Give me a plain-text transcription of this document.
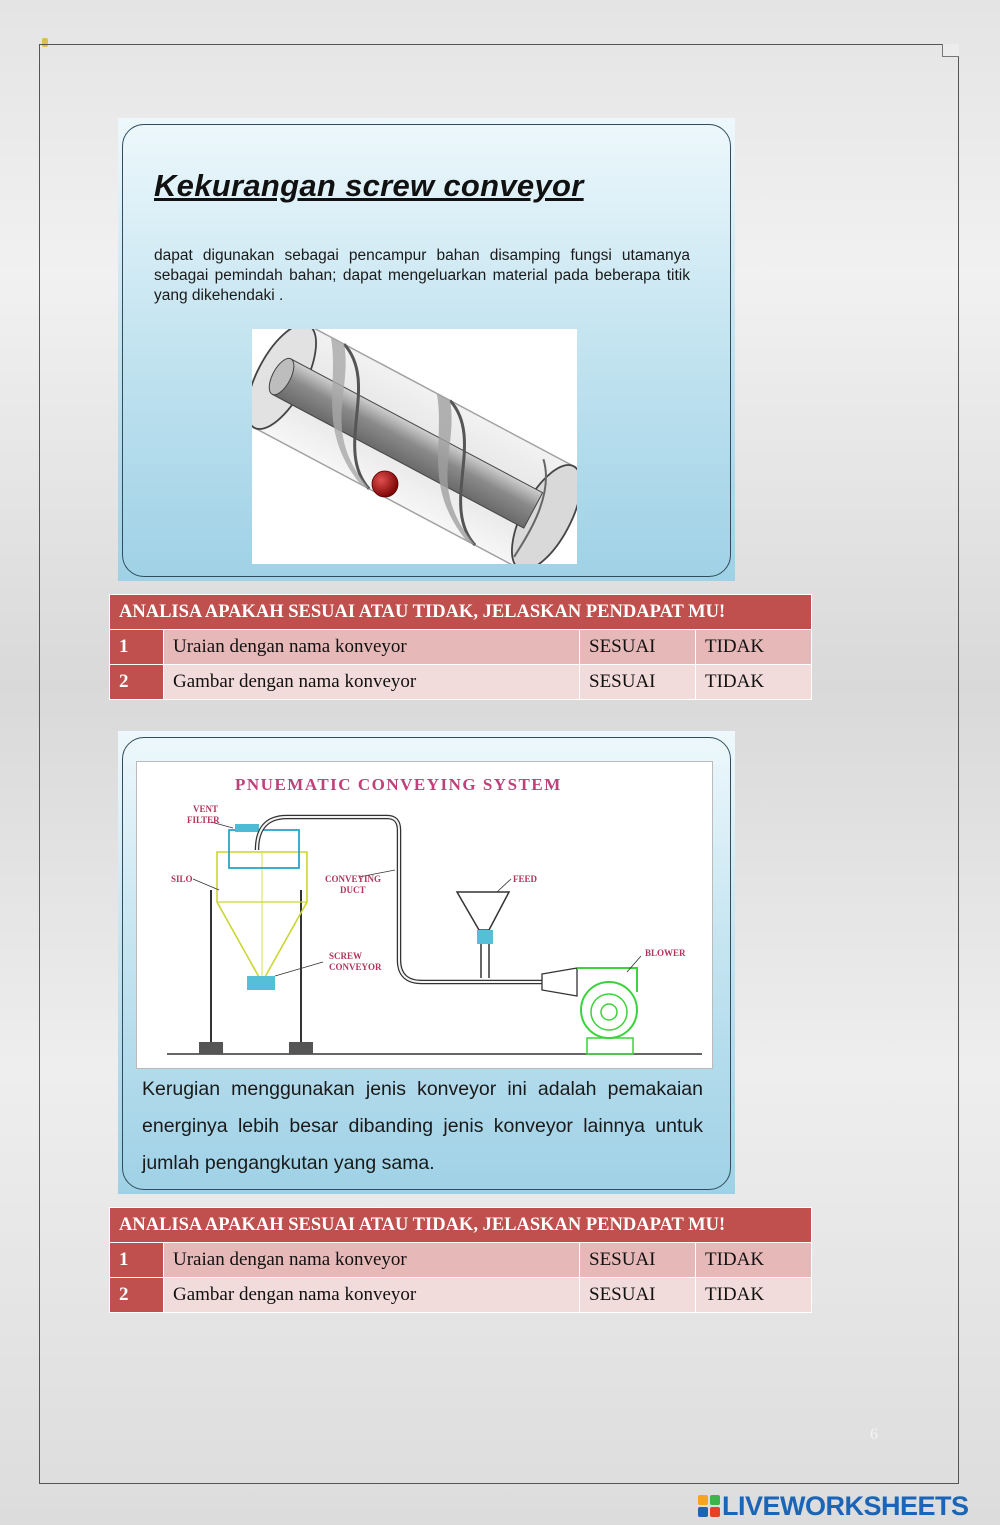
Kekurangan screw conveyor

dapat digunakan sebagai pencampur bahan disamping fungsi utamanya sebagai pemindah bahan; dapat mengeluarkan material pada beberapa titik yang dikehendaki .

ANALISA APAKAH SESUAI ATAU TIDAK, JELASKAN PENDAPAT MU!			
1	Uraian dengan nama konveyor	SESUAI	TIDAK
2	Gambar dengan nama konveyor	SESUAI	TIDAK
PNUEMATIC CONVEYING SYSTEM
VENT
FILTER
SILO	CONVEYING
DUCT
FEED
SCREW
CONVEYOR
BLOWER

Kerugian menggunakan jenis konveyor ini adalah pemakaian energinya lebih besar dibanding jenis konveyor lainnya untuk jumlah pengangkutan yang sama.

ANALISA APAKAH SESUAI ATAU TIDAK, JELASKAN PENDAPAT MU!			
1	Uraian dengan nama konveyor	SESUAI	TIDAK
2	Gambar dengan nama konveyor	SESUAI	TIDAK
6
LIVEWORKSHEETS
